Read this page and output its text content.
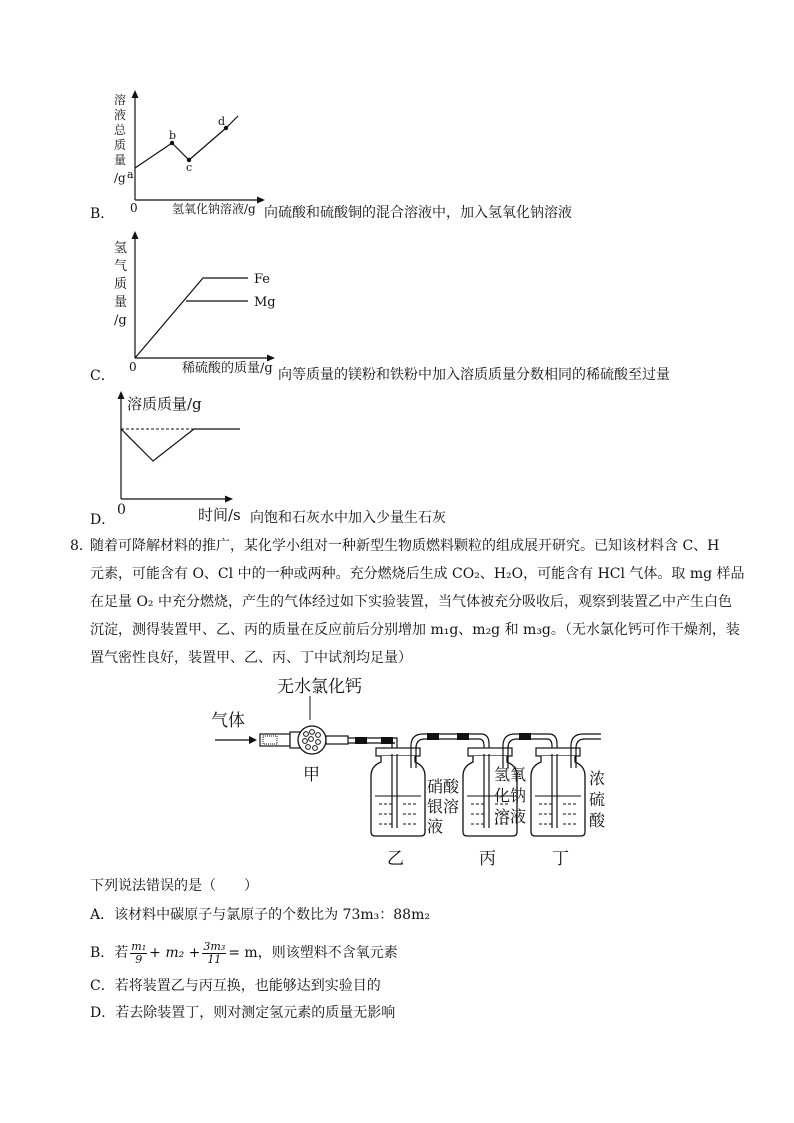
溶
液
总
质
量
/g
0
a
b
c
d
B．	氢氧化钠溶液/g 向硫酸和硫酸铜的混合溶液中，加入氢氧化钠溶液
氢
气
质
量
/g
0
Fe
Mg
C．	稀硫酸的质量/g 向等质量的镁粉和铁粉中加入溶质质量分数相同的稀硫酸至过量
溶质质量/g
D．
0	时间/s 向饱和石灰水中加入少量生石灰
8．
随着可降解材料的推广，某化学小组对一种新型生物质燃料颗粒的组成展开研究。已知该材料含 C、H
元素，可能含有 O、Cl 中的一种或两种。充分燃烧后生成 CO₂、H₂O，可能含有 HCl 气体。取 mg 样品
在足量 O₂ 中充分燃烧，产生的气体经过如下实验装置，当气体被充分吸收后，观察到装置乙中产生白色
沉淀，测得装置甲、乙、丙的质量在反应前后分别增加 m₁g、m₂g 和 m₃g。（无水氯化钙可作干燥剂，装
置气密性良好，装置甲、乙、丙、丁中试剂均足量）
无水氯化钙
气体
甲
硝酸
银溶
液
乙
氢氧
化钠
溶液
丙
浓
硫
酸
丁
下列说法错误的是（　　）
A．该材料中碳原子与氯原子的个数比为 73m₃：88m₂
B．若 $\frac{\text{m₁}}{9} + m_2 + \frac{\text{3m₃}}{11} = m$，则该塑料不含氧元素
C．若将装置乙与丙互换，也能够达到实验目的
D．若去除装置丁，则对测定氢元素的质量无影响
